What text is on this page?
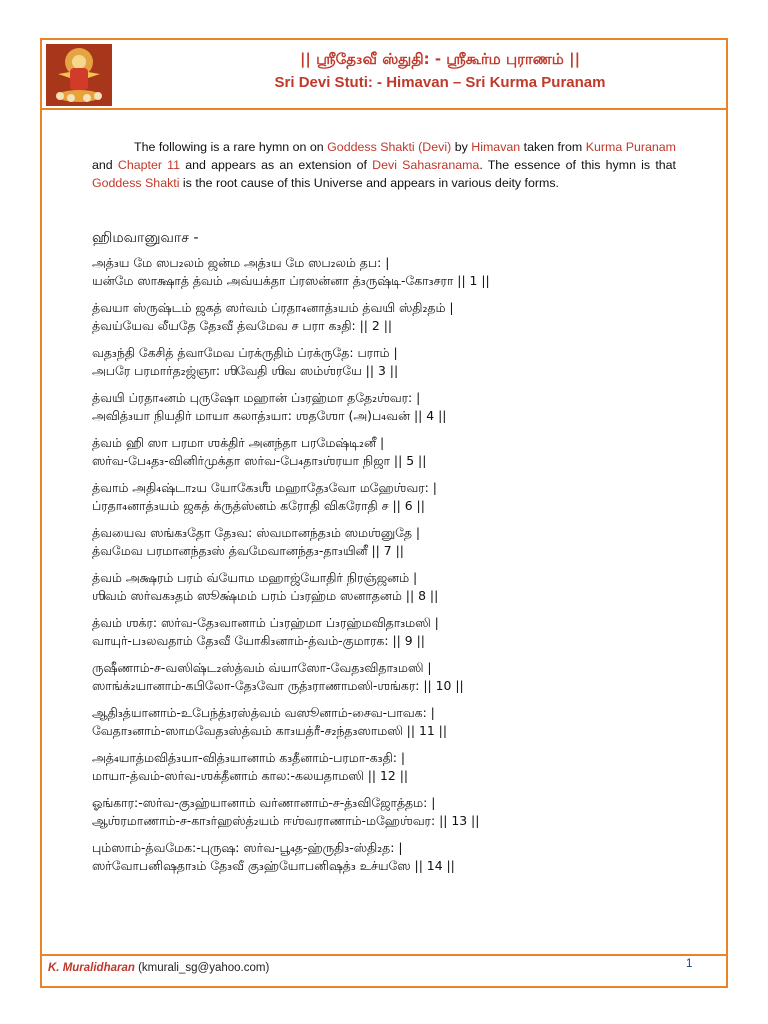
|| ஶ்ரீதே₃வீ ஸ்துதி: - ஶ்ரீகூர்ம புராணம் ||
Sri Devi Stuti: - Himavan – Sri Kurma Puranam
The following is a rare hymn on on Goddess Shakti (Devi) by Himavan taken from Kurma Puranam and Chapter 11 and appears as an extension of Devi Sahasranama. The essence of this hymn is that Goddess Shakti is the root cause of this Universe and appears in various deity forms.
ஹிமவானுவாச -
அத்₃ய மே ஸப₂லம் ஜன்ம அத்₃ய மே ஸப₂லம் தப: |
யன்மே ஸாக்ஷாத் த்வம் அவ்யக்தா ப்ரஸன்னா த்₃ருஷ்டி-கோ₃சரா || 1 ||
த்வயா ஸ்ருஷ்டம் ஜகத் ஸர்வம் ப்ரதா₄னாத்₃யம் த்வயி ஸ்தி₂தம் |
த்வய்யேவ லீயதே தே₃வீ த்வமேவ ச பரா க₃தி: || 2 ||
வத₃ந்தி கேசித் த்வாமேவ ப்ரக்ருதிம் ப்ரக்ருதே: பராம் |
அபரே பரமார்த₂ஜ்ஞா: ஶிவேதி ஶிவ ஸம்ஶ்ரயே || 3 ||
த்வயி ப்ரதா₄னம் புருஷோ மஹான் ப்₃ரஹ்மா ததே₂ஶ்வர: |
அவித்₃யா நியதிர் மாயா கலாத்₃யா: ஶதஶோ (அ)ப₄வன் || 4 ||
த்வம் ஹி ஸா பரமா ஶக்திர் அனந்தா பரமேஷ்டி₂னீ |
ஸர்வ-பே₄த₃-வினிர்முக்தா ஸர்வ-பே₄தா₃ஶ்ரயா நிஜா || 5 ||
த்வாம் அதி₄ஷ்டா₂ய யோகே₃ஶீ மஹாதே₃வோ மஹேஶ்வர: |
ப்ரதா₄னாத்₃யம் ஜகத் க்ருத்ஸ்னம் கரோதி விகரோதி ச || 6 ||
த்வயைவ ஸங்க₃தோ தே₃வ: ஸ்வமானந்த₃ம் ஸமஶ்னுதே |
த்வமேவ பரமானந்த₃ஸ் த்வமேவானந்த₃-தா₃யினீ || 7 ||
த்வம் அக்ஷரம் பரம் வ்யோம மஹாஜ்யோதிர் நிரஞ்ஜனம் |
ஶிவம் ஸர்வக₃தம் ஸூக்ஷ்மம் பரம் ப்₃ரஹ்ம ஸனாதனம் || 8 ||
த்வம் ஶக்ர: ஸர்வ-தே₃வானாம் ப்₃ரஹ்மா ப்₃ரஹ்மவிதா₃மஸி |
வாயுர்-ப₃லவதாம் தே₃வீ யோகி₃னாம்-த்வம்-குமாரக: || 9 ||
ருஷீணாம்-ச-வஸிஷ்ட₂ஸ்த்வம் வ்யாஸோ-வேத₃விதா₃மஸி |
ஸாங்க்₂யானாம்-கபிலோ-தே₃வோ ருத்₃ராணாமஸி-ஶங்கர: || 10 ||
ஆதி₃த்யானாம்-உபேந்த்₃ரஸ்த்வம் வஸூனாம்-சைவ-பாவக: |
வேதா₃னாம்-ஸாமவேத₃ஸ்த்வம் கா₃யத்ரீ-ச₂ந்த₃ஸாமஸி || 11 ||
அத்₄யாத்மவித்₃யா-வித்₃யானாம் க₃தீனாம்-பரமா-க₃தி: |
மாயா-த்வம்-ஸர்வ-ஶக்தீனாம் கால:-கலயதாமஸி || 12 ||
ஓங்கார:-ஸர்வ-கு₃ஹ்யானாம் வர்ணானாம்-ச-த்₃விஜோத்தம: |
ஆஶ்ரமாணாம்-ச-கா₃ர்ஹஸ்த்₂யம் ஈஶ்வராணாம்-மஹேஶ்வர: || 13 ||
பும்ஸாம்-த்வமேக:-புருஷ: ஸர்வ-பூ₄த-ஹ்ருதி₃-ஸ்தி₂த: |
ஸர்வோபனிஷதா₃ம் தே₃வீ கு₃ஹ்யோபனிஷத்₃ உச்யஸே || 14 ||
K. Muralidharan (kmurali_sg@yahoo.com)	1
